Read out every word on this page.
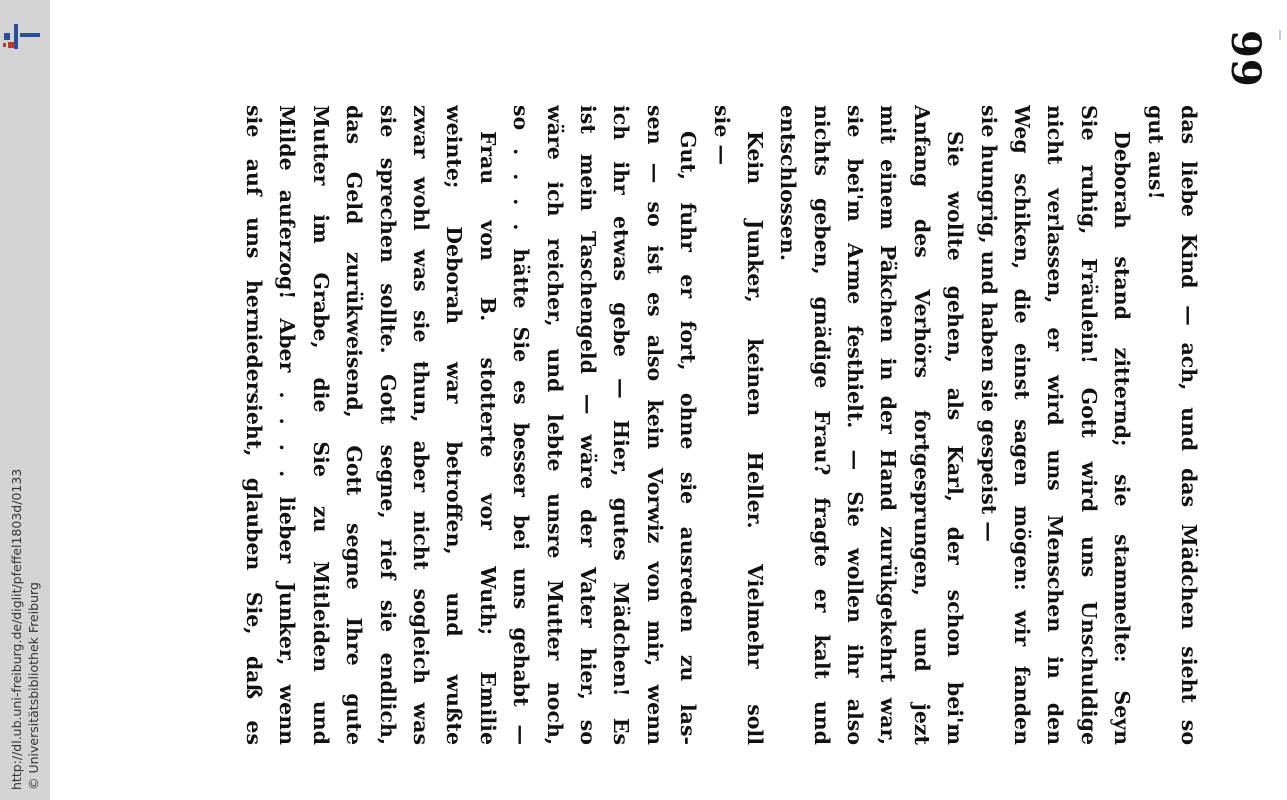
http://dl.ub.uni-freiburg.de/diglit/pfeffel1803d/0133 © Universitätsbibliothek Freiburg
99
das liebe Kind — ach, und das Mädchen sieht so
gut aus!
Deborah stand zitternd; sie stammelte: Seyn
Sie ruhig, Fräulein! Gott wird uns Unschuldige
nicht verlassen, er wird uns Menschen in den
Weg schiken, die einst sagen mögen: wir fanden
sie hungrig, und haben sie gespeist —
Sie wollte gehen, als Karl, der schon bei'm
Anfang des Verhörs fortgesprungen, und jezt
mit einem Päkchen in der Hand zurükgekehrt war,
sie bei'm Arme festhielt. — Sie wollen ihr also
nichts geben, gnädige Frau? fragte er kalt und
entschlossen.
Kein Junker, keinen Heller. Vielmehr soll
sie —
Gut, fuhr er fort, ohne sie ausreden zu las-
sen — so ist es also kein Vorwiz von mir, wenn
ich ihr etwas gebe — Hier, gutes Mädchen! Es
ist mein Taschengeld — wäre der Vater hier, so
wäre ich reicher, und lebte unsre Mutter noch,
so . . . . hätte Sie es besser bei uns gehabt —
Frau von B. stotterte vor Wuth; Emilie
weinte; Deborah war betroffen, und wußte
zwar wohl was sie thun, aber nicht sogleich was
sie sprechen sollte. Gott segne, rief sie endlich,
das Geld zurükweisend, Gott segne Ihre gute
Mutter im Grabe, die Sie zu Mitleiden und
Milde auferzog! Aber . . . . lieber Junker, wenn
sie auf uns herniedersieht, glauben Sie, daß es
